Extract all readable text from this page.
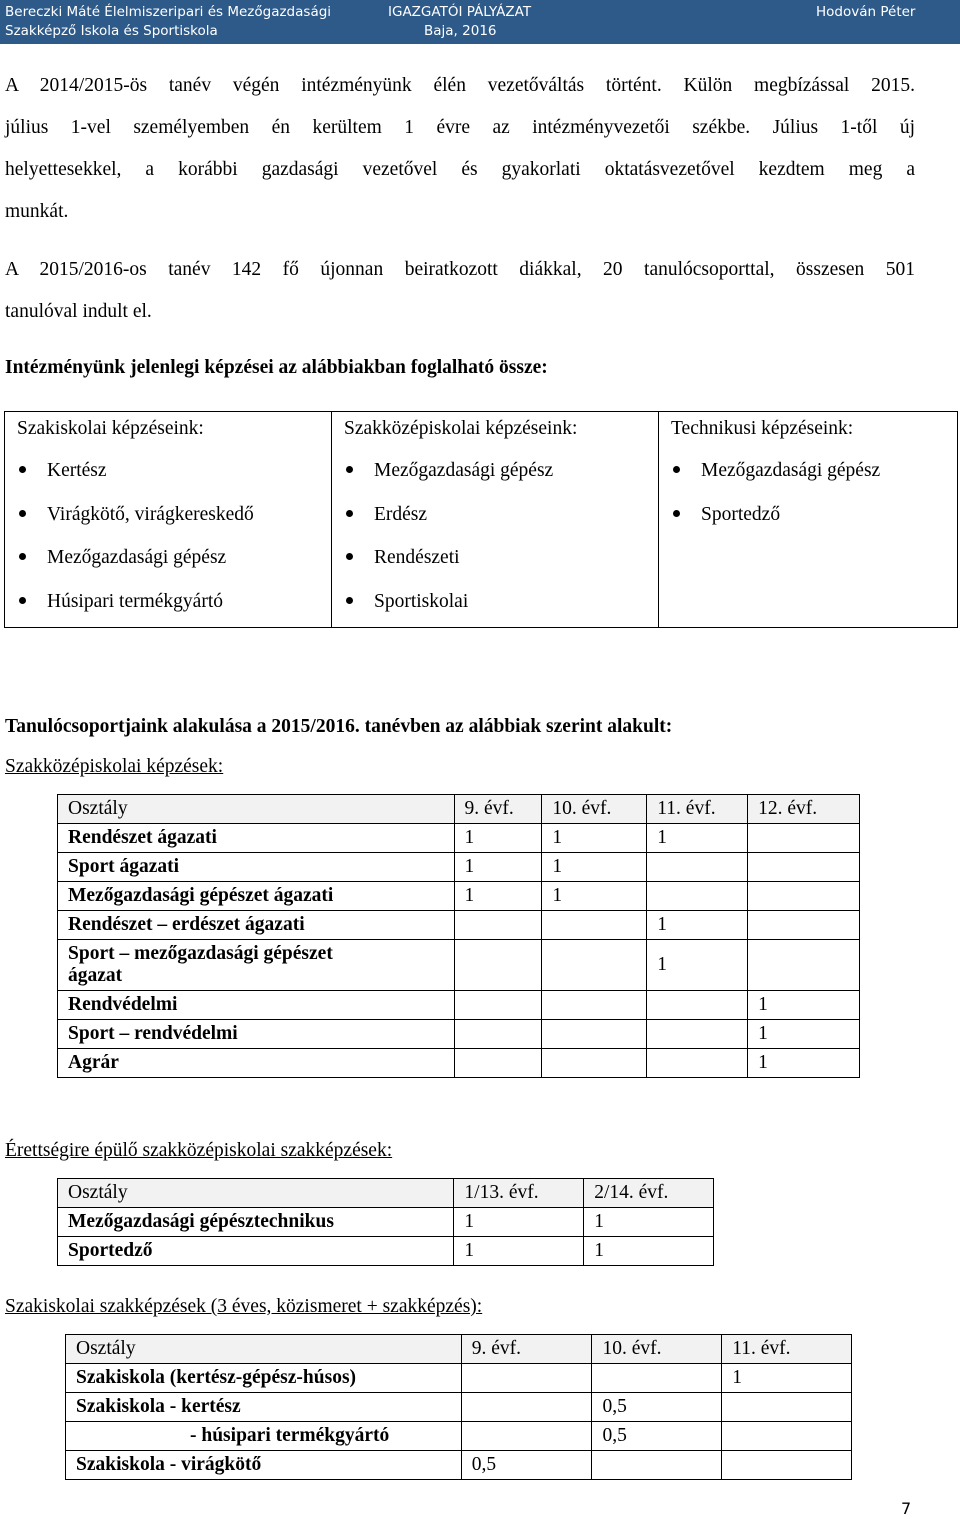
Bereczki Máté Élelmiszeripari és Mezőgazdasági
Szakképző Iskola és Sportiskola
IGAZGATÓI PÁLYÁZAT
Baja, 2016
Hodován Péter
A 2014/2015-ös tanév végén intézményünk élén vezetőváltás történt. Külön megbízással 2015.
július 1-vel személyemben én kerültem 1 évre az intézményvezetői székbe. Július 1-től új
helyettesekkel, a korábbi gazdasági vezetővel és gyakorlati oktatásvezetővel kezdtem meg a
munkát.
A 2015/2016-os tanév 142 fő újonnan beiratkozott diákkal, 20 tanulócsoporttal, összesen 501
tanulóval indult el.
Intézményünk jelenlegi képzései az alábbiakban foglalható össze:
Szakiskolai képzéseink:
Kertész
Virágkötő, virágkereskedő
Mezőgazdasági gépész
Húsipari termékgyártó
Szakközépiskolai képzéseink:
Mezőgazdasági gépész
Erdész
Rendészeti
Sportiskolai
Technikusi képzéseink:
Mezőgazdasági gépész
Sportedző
Tanulócsoportjaink alakulása a 2015/2016. tanévben az alábbiak szerint alakult:
Szakközépiskolai képzések:
Osztály	9. évf.	10. évf.	11. évf.	12. évf.
Rendészet ágazati	1	1	1	
Sport ágazati	1	1		
Mezőgazdasági gépészet ágazati	1	1		
Rendészet – erdészet ágazati			1	
Sport – mezőgazdasági gépészet
ágazat			1	
Rendvédelmi				1
Sport – rendvédelmi				1
Agrár				1
Érettségire épülő szakközépiskolai szakképzések:
Osztály	1/13. évf.	2/14. évf.
Mezőgazdasági gépésztechnikus	1	1
Sportedző	1	1
Szakiskolai szakképzések (3 éves, közismeret + szakképzés):
Osztály	9. évf.	10. évf.	11. évf.
Szakiskola (kertész-gépész-húsos)			1
Szakiskola - kertész		0,5	
- húsipari termékgyártó		0,5	
Szakiskola - virágkötő	0,5		
7
